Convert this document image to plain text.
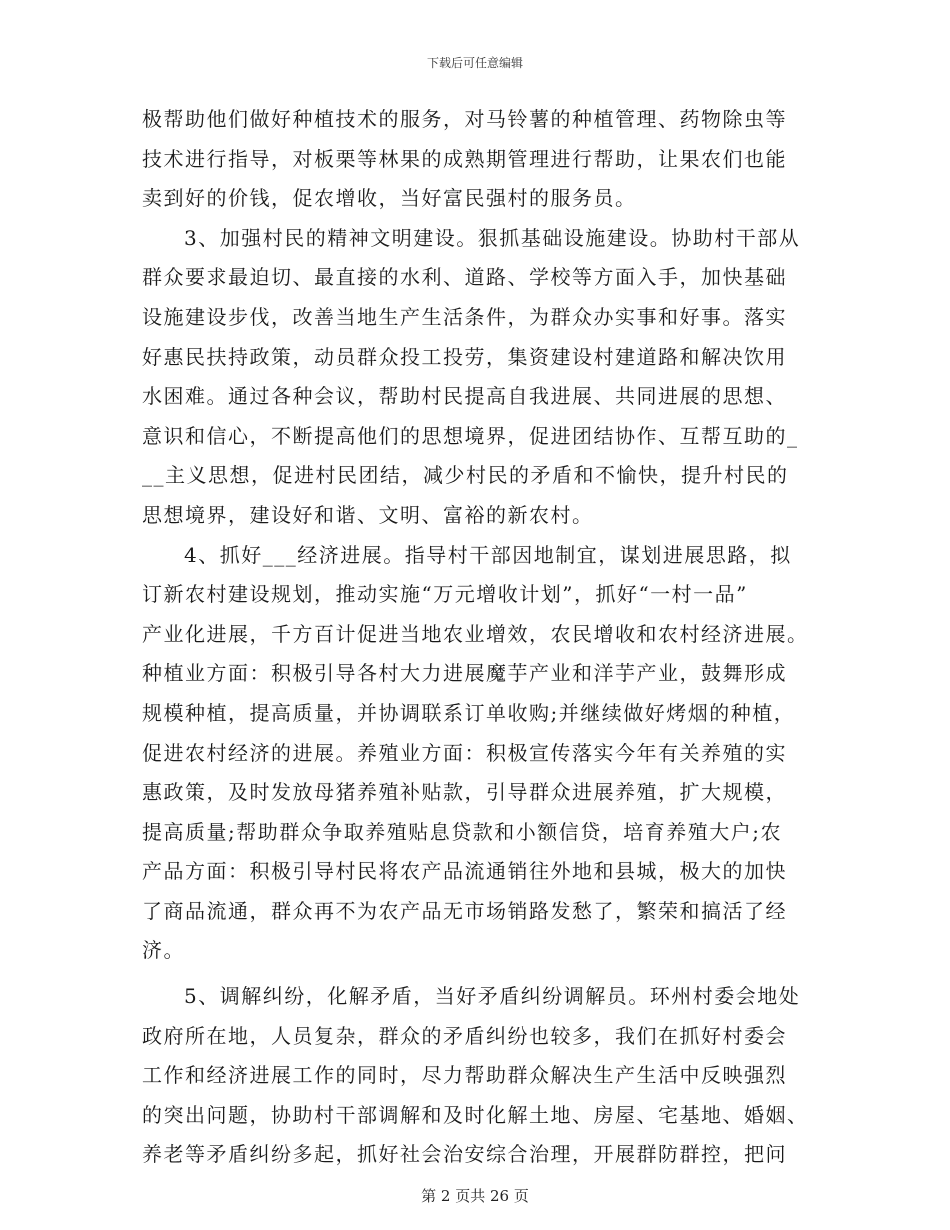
下载后可任意编辑
极帮助他们做好种植技术的服务，对马铃薯的种植管理、药物除虫等
技术进行指导，对板栗等林果的成熟期管理进行帮助，让果农们也能
卖到好的价钱，促农增收，当好富民强村的服务员。
3、加强村民的精神文明建设。狠抓基础设施建设。协助村干部从
群众要求最迫切、最直接的水利、道路、学校等方面入手，加快基础
设施建设步伐，改善当地生产生活条件，为群众办实事和好事。落实
好惠民扶持政策，动员群众投工投劳，集资建设村建道路和解决饮用
水困难。通过各种会议，帮助村民提高自我进展、共同进展的思想、
意识和信心，不断提高他们的思想境界，促进团结协作、互帮互助的_
__主义思想，促进村民团结，减少村民的矛盾和不愉快，提升村民的
思想境界，建设好和谐、文明、富裕的新农村。
4、抓好___经济进展。指导村干部因地制宜，谋划进展思路，拟
订新农村建设规划，推动实施“万元增收计划”，抓好“一村一品”
产业化进展，千方百计促进当地农业增效，农民增收和农村经济进展。
种植业方面：积极引导各村大力进展魔芋产业和洋芋产业，鼓舞形成
规模种植，提高质量，并协调联系订单收购;并继续做好烤烟的种植，
促进农村经济的进展。养殖业方面：积极宣传落实今年有关养殖的实
惠政策，及时发放母猪养殖补贴款，引导群众进展养殖，扩大规模，
提高质量;帮助群众争取养殖贴息贷款和小额信贷，培育养殖大户;农
产品方面：积极引导村民将农产品流通销往外地和县城，极大的加快
了商品流通，群众再不为农产品无市场销路发愁了，繁荣和搞活了经
济。
5、调解纠纷，化解矛盾，当好矛盾纠纷调解员。环州村委会地处
政府所在地，人员复杂，群众的矛盾纠纷也较多，我们在抓好村委会
工作和经济进展工作的同时，尽力帮助群众解决生产生活中反映强烈
的突出问题，协助村干部调解和及时化解土地、房屋、宅基地、婚姻、
养老等矛盾纠纷多起，抓好社会治安综合治理，开展群防群控，把问
第 2 页共 26 页
